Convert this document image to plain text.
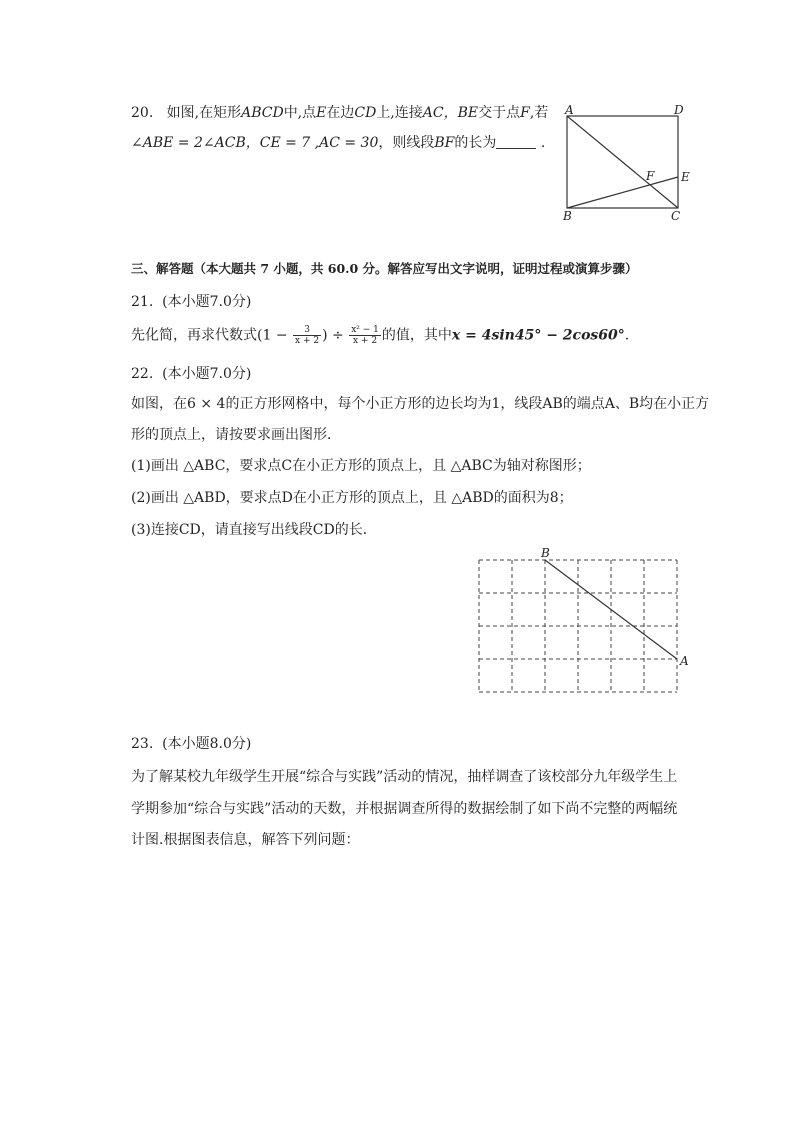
20. 如图,在矩形ABCD中,点E在边CD上,连接AC，BE交于点F,若
∠ABE = 2∠ACB，CE = 7 ,AC = 30，则线段BF的长为	.
A	D
B	C
E
F
三、解答题（本大题共 7 小题，共 60.0 分。解答应写出文字说明，证明过程或演算步骤）
21. (本小题7.0分)
先化简，再求代数式($1 - \frac{3}{x + 2}$ ) ÷ $\frac{\text{x² − 1}}{x + 2}$ 的值，其中x = 4sin45° − 2cos60°.
22. (本小题7.0分)
如图，在6 × 4的正方形网格中，每个小正方形的边长均为1，线段AB的端点A、B均在小正方
形的顶点上，请按要求画出图形．
(1)画出 △ABC，要求点C在小正方形的顶点上，且 △ABC为轴对称图形；
(2)画出 △ABD，要求点D在小正方形的顶点上，且 △ABD的面积为8；
(3)连接CD，请直接写出线段CD的长．
B
A
23. (本小题8.0分)
为了解某校九年级学生开展“综合与实践”活动的情况，抽样调查了该校部分九年级学生上
学期参加“综合与实践”活动的天数，并根据调查所得的数据绘制了如下尚不完整的两幅统
计图.根据图表信息，解答下列问题：
